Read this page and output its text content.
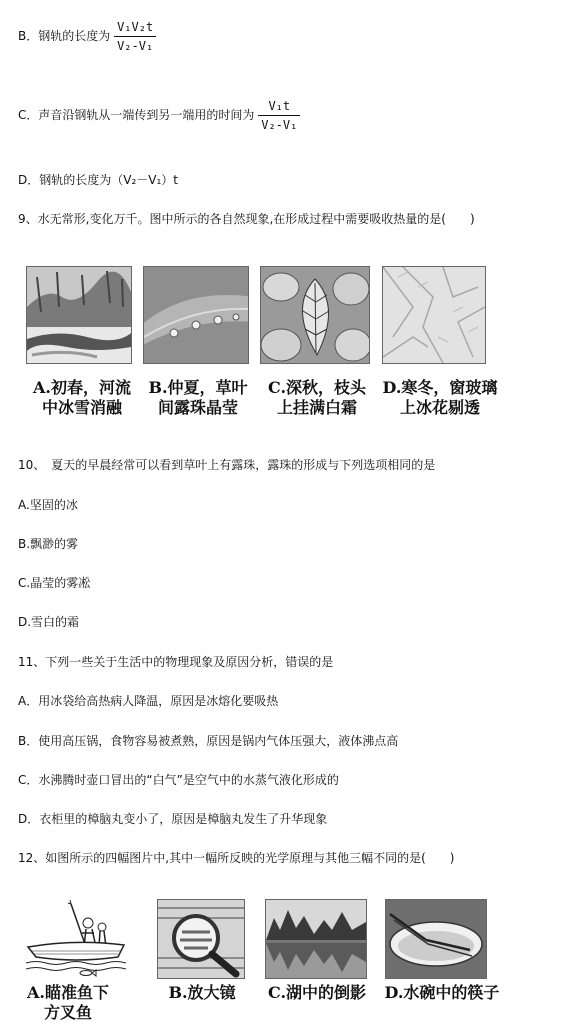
B．钢轨的长度为 $\frac{\text{V₁V₂t}}{\text{V₂-V₁}}$
C．声音沿钢轨从一端传到另一端用的时间为 $\frac{\text{V₁t}}{\text{V₂-V₁}}$
D．钢轨的长度为（V₂－V₁）t
9、水无常形,变化万千。图中所示的各自然现象,在形成过程中需要吸收热量的是(　　)
A.初春，河流
中冰雪消融
B.仲夏，草叶
间露珠晶莹
C.深秋，枝头
上挂满白霜
D.寒冬，窗玻璃
上冰花剔透
10、　夏天的早晨经常可以看到草叶上有露珠，露珠的形成与下列选项相同的是
A.坚固的冰
B.飘渺的雾
C.晶莹的雾凇
D.雪白的霜
11、下列一些关于生活中的物理现象及原因分析，错误的是
A．用冰袋给高热病人降温，原因是冰熔化要吸热
B．使用高压锅，食物容易被煮熟，原因是锅内气体压强大，液体沸点高
C．水沸腾时壶口冒出的“白气”是空气中的水蒸气液化形成的
D．衣柜里的樟脑丸变小了，原因是樟脑丸发生了升华现象
12、如图所示的四幅图片中,其中一幅所反映的光学原理与其他三幅不同的是(　　)
A.瞄准鱼下
方叉鱼
B.放大镜	C.湖中的倒影	D.水碗中的筷子
